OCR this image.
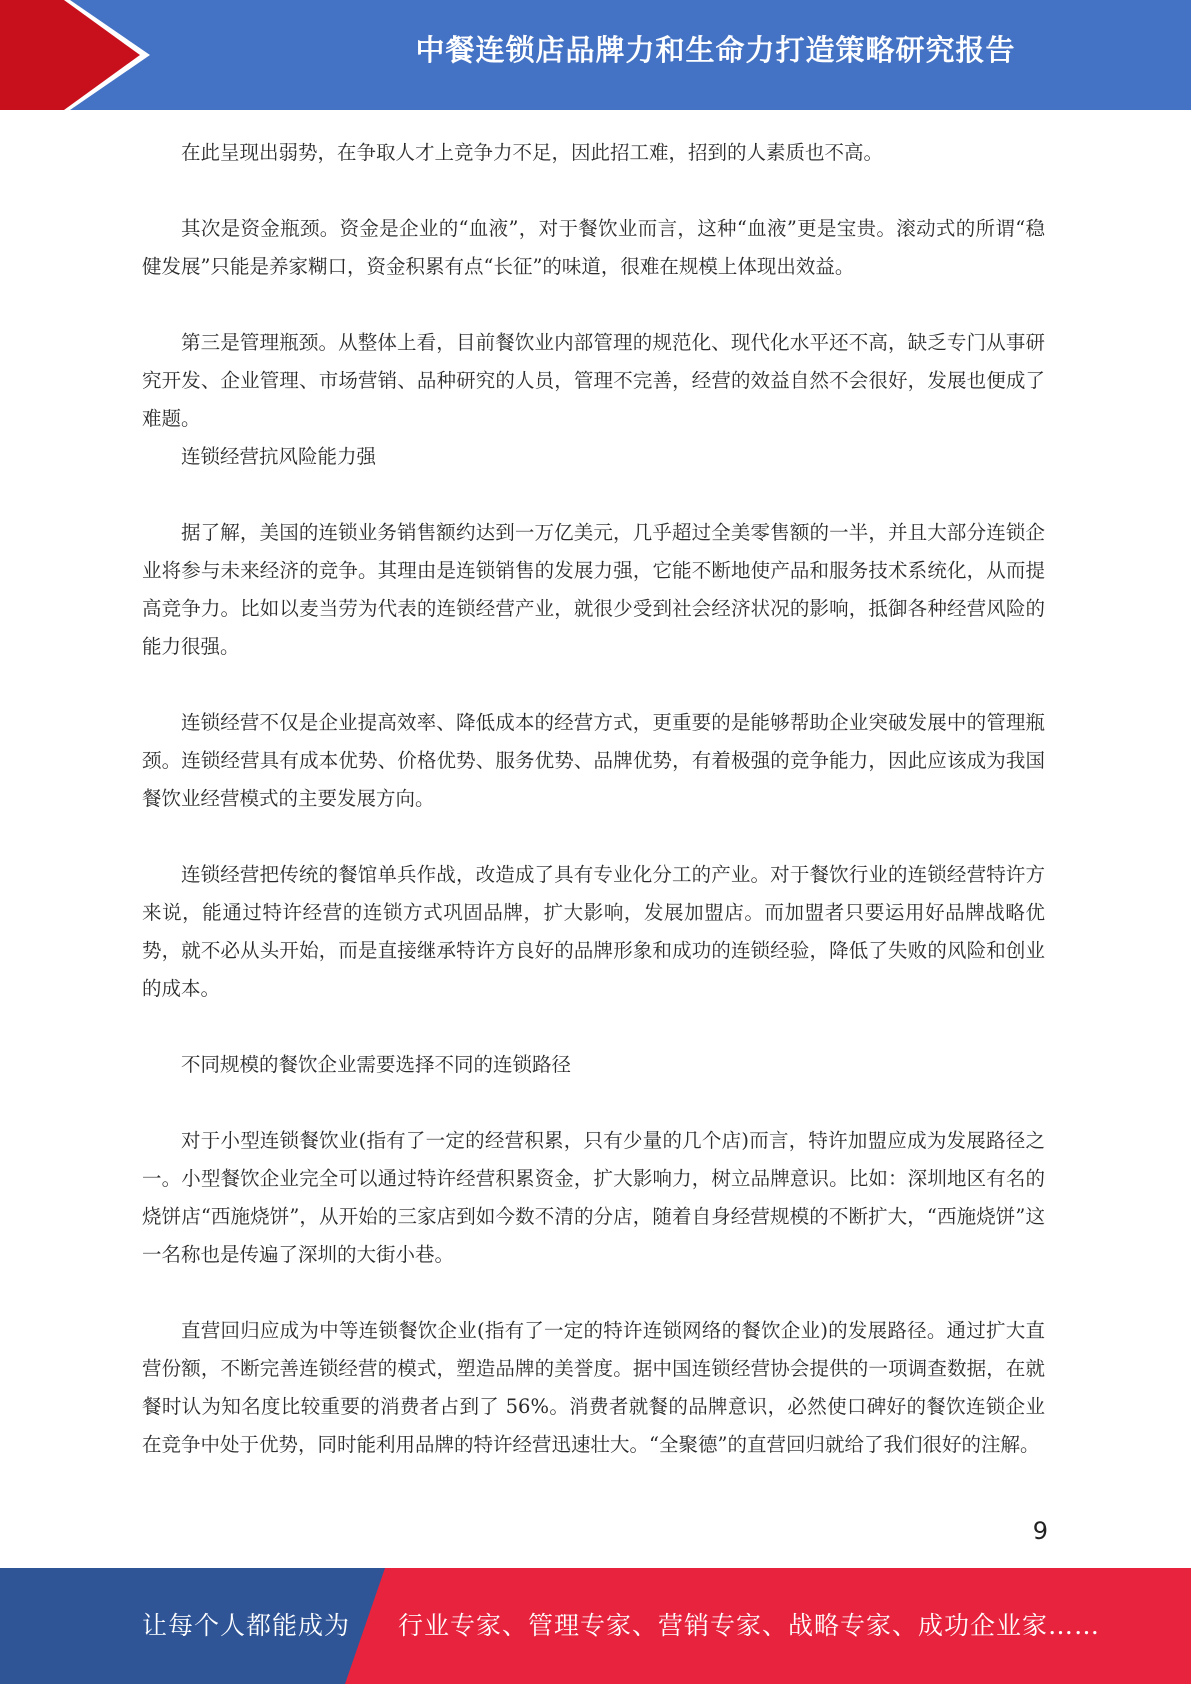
中餐连锁店品牌力和生命力打造策略研究报告

在此呈现出弱势，在争取人才上竞争力不足，因此招工难，招到的人素质也不高。

其次是资金瓶颈。资金是企业的“血液”，对于餐饮业而言，这种“血液”更是宝贵。滚动式的所谓“稳健发展”只能是养家糊口，资金积累有点“长征”的味道，很难在规模上体现出效益。

第三是管理瓶颈。从整体上看，目前餐饮业内部管理的规范化、现代化水平还不高，缺乏专门从事研究开发、企业管理、市场营销、品种研究的人员，管理不完善，经营的效益自然不会很好，发展也便成了难题。

连锁经营抗风险能力强

据了解，美国的连锁业务销售额约达到一万亿美元，几乎超过全美零售额的一半，并且大部分连锁企业将参与未来经济的竞争。其理由是连锁销售的发展力强，它能不断地使产品和服务技术系统化，从而提高竞争力。比如以麦当劳为代表的连锁经营产业，就很少受到社会经济状况的影响，抵御各种经营风险的能力很强。

连锁经营不仅是企业提高效率、降低成本的经营方式，更重要的是能够帮助企业突破发展中的管理瓶颈。连锁经营具有成本优势、价格优势、服务优势、品牌优势，有着极强的竞争能力，因此应该成为我国餐饮业经营模式的主要发展方向。

连锁经营把传统的餐馆单兵作战，改造成了具有专业化分工的产业。对于餐饮行业的连锁经营特许方来说，能通过特许经营的连锁方式巩固品牌，扩大影响，发展加盟店。而加盟者只要运用好品牌战略优势，就不必从头开始，而是直接继承特许方良好的品牌形象和成功的连锁经验，降低了失败的风险和创业的成本。

不同规模的餐饮企业需要选择不同的连锁路径

对于小型连锁餐饮业(指有了一定的经营积累，只有少量的几个店)而言，特许加盟应成为发展路径之一。小型餐饮企业完全可以通过特许经营积累资金，扩大影响力，树立品牌意识。比如：深圳地区有名的烧饼店“西施烧饼”，从开始的三家店到如今数不清的分店，随着自身经营规模的不断扩大，“西施烧饼”这一名称也是传遍了深圳的大街小巷。

直营回归应成为中等连锁餐饮企业(指有了一定的特许连锁网络的餐饮企业)的发展路径。通过扩大直营份额，不断完善连锁经营的模式，塑造品牌的美誉度。据中国连锁经营协会提供的一项调查数据，在就餐时认为知名度比较重要的消费者占到了 56%。消费者就餐的品牌意识，必然使口碑好的餐饮连锁企业在竞争中处于优势，同时能利用品牌的特许经营迅速壮大。“全聚德”的直营回归就给了我们很好的注解。

9
让每个人都能成为 行业专家、管理专家、营销专家、战略专家、成功企业家……
